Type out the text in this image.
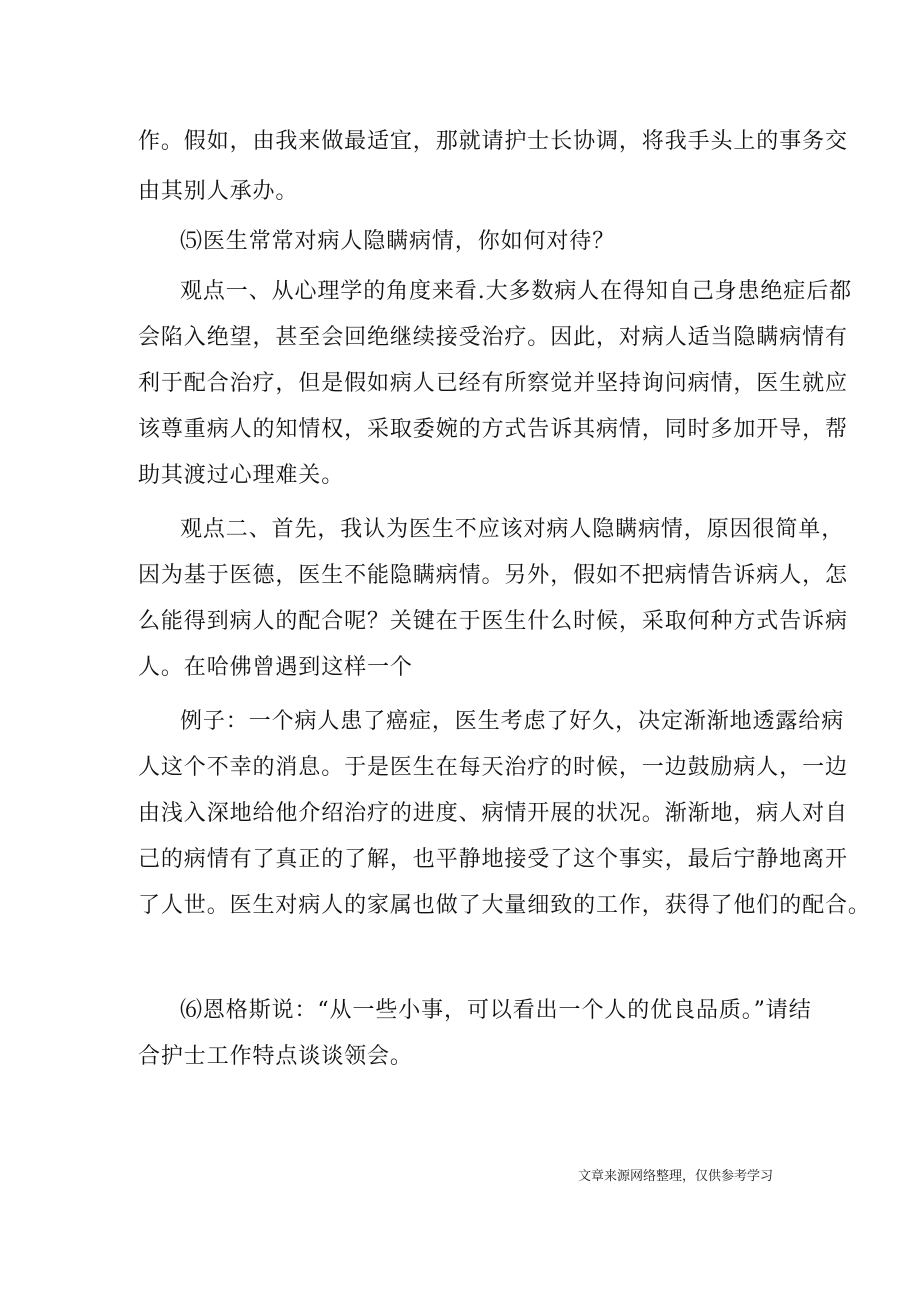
作。假如，由我来做最适宜，那就请护士长协调，将我手头上的事务交
由其别人承办。
⑸医生常常对病人隐瞒病情，你如何对待？
观点一、从心理学的角度来看.大多数病人在得知自己身患绝症后都
会陷入绝望，甚至会回绝继续接受治疗。因此，对病人适当隐瞒病情有
利于配合治疗，但是假如病人已经有所察觉并坚持询问病情，医生就应
该尊重病人的知情权，采取委婉的方式告诉其病情，同时多加开导，帮
助其渡过心理难关。
观点二、首先，我认为医生不应该对病人隐瞒病情，原因很简单，
因为基于医德，医生不能隐瞒病情。另外，假如不把病情告诉病人，怎
么能得到病人的配合呢？关键在于医生什么时候，采取何种方式告诉病
人。在哈佛曾遇到这样一个
例子：一个病人患了癌症，医生考虑了好久，决定渐渐地透露给病
人这个不幸的消息。于是医生在每天治疗的时候，一边鼓励病人，一边
由浅入深地给他介绍治疗的进度、病情开展的状况。渐渐地，病人对自
己的病情有了真正的了解，也平静地接受了这个事实，最后宁静地离开
了人世。医生对病人的家属也做了大量细致的工作，获得了他们的配合。
⑹恩格斯说：“从一些小事，可以看出一个人的优良品质。”请结
合护士工作特点谈谈领会。
文章来源网络整理，仅供参考学习
